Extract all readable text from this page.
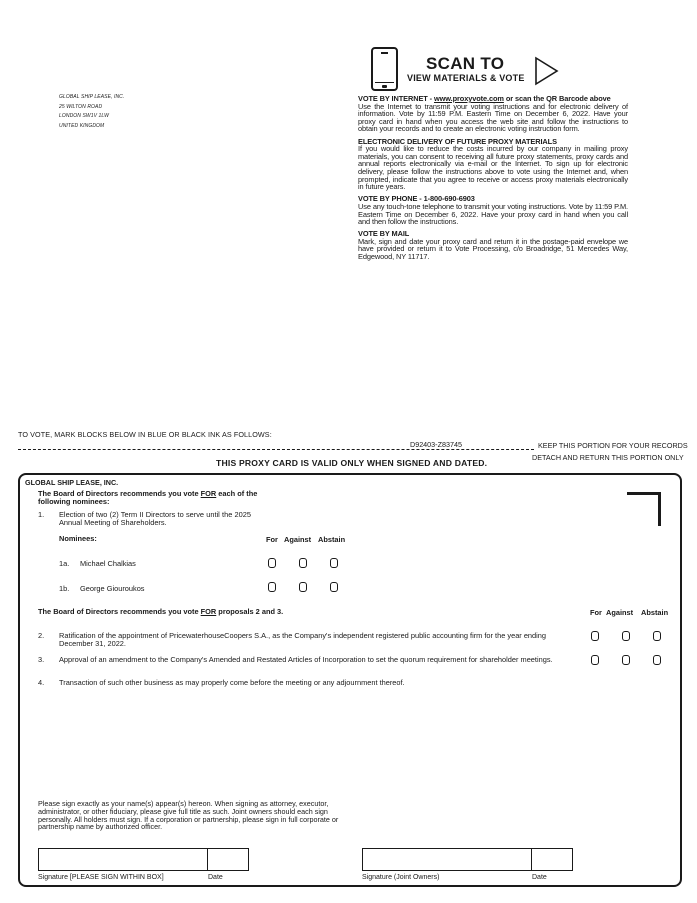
GLOBAL SHIP LEASE, INC.
25 WILTON ROAD
LONDON SW1V 1LW
UNITED KINGDOM
SCAN TO
VIEW MATERIALS & VOTE
VOTE BY INTERNET - www.proxyvote.com or scan the QR Barcode above

Use the Internet to transmit your voting instructions and for electronic delivery of information. Vote by 11:59 P.M. Eastern Time on December 6, 2022. Have your proxy card in hand when you access the web site and follow the instructions to obtain your records and to create an electronic voting instruction form.

ELECTRONIC DELIVERY OF FUTURE PROXY MATERIALS

If you would like to reduce the costs incurred by our company in mailing proxy materials, you can consent to receiving all future proxy statements, proxy cards and annual reports electronically via e-mail or the Internet. To sign up for electronic delivery, please follow the instructions above to vote using the Internet and, when prompted, indicate that you agree to receive or access proxy materials electronically in future years.

VOTE BY PHONE - 1-800-690-6903

Use any touch-tone telephone to transmit your voting instructions. Vote by 11:59 P.M. Eastern Time on December 6, 2022. Have your proxy card in hand when you call and then follow the instructions.

VOTE BY MAIL

Mark, sign and date your proxy card and return it in the postage-paid envelope we have provided or return it to Vote Processing, c/o Broadridge, 51 Mercedes Way, Edgewood, NY 11717.

TO VOTE, MARK BLOCKS BELOW IN BLUE OR BLACK INK AS FOLLOWS:
D92403-Z83745	KEEP THIS PORTION FOR YOUR RECORDS
DETACH AND RETURN THIS PORTION ONLY
THIS PROXY CARD IS VALID ONLY WHEN SIGNED AND DATED.
GLOBAL SHIP LEASE, INC.
The Board of Directors recommends you vote FOR each of the following nominees:
1. Election of two (2) Term II Directors to serve until the 2025 Annual Meeting of Shareholders.
Nominees:	For Against Abstain
1a. Michael Chalkias
1b. George Giouroukos
The Board of Directors recommends you vote FOR proposals 2 and 3.	For Against Abstain
2. Ratification of the appointment of PricewaterhouseCoopers S.A., as the Company's independent registered public accounting firm for the year ending December 31, 2022.
3. Approval of an amendment to the Company's Amended and Restated Articles of Incorporation to set the quorum requirement for shareholder meetings.
4. Transaction of such other business as may properly come before the meeting or any adjournment thereof.
Please sign exactly as your name(s) appear(s) hereon. When signing as attorney, executor, administrator, or other fiduciary, please give full title as such. Joint owners should each sign personally. All holders must sign. If a corporation or partnership, please sign in full corporate or partnership name by authorized officer.
Signature [PLEASE SIGN WITHIN BOX]	Date	Signature (Joint Owners)	Date
